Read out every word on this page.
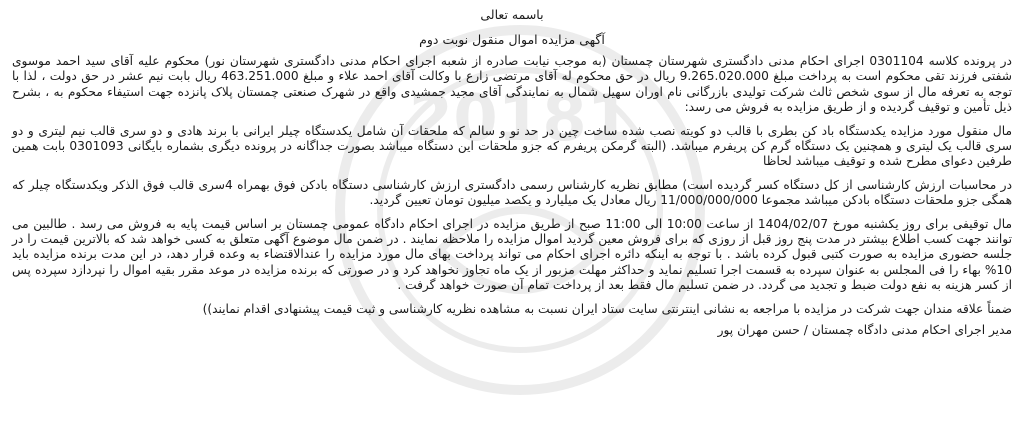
20181

باسمه تعالی

آگهی مزایده اموال منقول نوبت دوم

در پرونده کلاسه 0301104 اجرای احکام مدنی دادگستری شهرستان چمستان (به موجب نیابت صادره از شعبه اجرای احکام مدنی دادگستری شهرستان نور) محکوم علیه آقای سید احمد موسوی شفتی فرزند تقی محکوم است به پرداخت مبلغ 9.265.020.000 ریال در حق محکوم له آقای مرتضی زارع با وکالت آقای احمد علاء و مبلغ 463.251.000 ریال بابت نیم عشر در حق دولت ، لذا با توجه به تعرفه مال از سوی شخص ثالث شرکت تولیدی بازرگانی نام اوران سهیل شمال به نمایندگی آقای مجید جمشیدی واقع در شهرک صنعتی چمستان پلاک پانزده جهت استیفاء محکوم به ، بشرح ذیل تأمین و توقیف گردیده و از طریق مزایده به فروش می رسد:

مال منقول مورد مزایده یکدستگاه باد کن بطری با قالب دو کویته نصب شده ساخت چین در حد نو و سالم که ملحقات آن شامل یکدستگاه چیلر ایرانی با برند هادی و دو سری قالب نیم لیتری و دو سری قالب یک لیتری و همچنین یک دستگاه گرم کن پریفرم میباشد. (البته گرمکن پریفرم که جزو ملحقات این دستگاه میباشد بصورت جداگانه در پرونده دیگری بشماره بایگانی 0301093 بابت همین طرفین دعوای مطرح شده و توقیف میباشد لحاظا

در محاسبات ارزش کارشناسی از کل دستگاه کسر گردیده است) مطابق نظریه کارشناس رسمی دادگستری ارزش کارشناسی دستگاه بادکن فوق بهمراه 4سری قالب فوق الذکر ویکدستگاه چیلر که همگی جزو ملحقات دستگاه بادکن میباشد مجموعا 11/000/000/000 ریال معادل یک میلیارد و یکصد میلیون تومان تعیین گردید.

مال توقیفی برای روز یکشنبه مورخ 1404/02/07 از ساعت 10:00 الی 11:00 صبح از طریق مزایده در اجرای احکام دادگاه عمومی چمستان بر اساس قیمت پایه به فروش می رسد . طالبین می توانند جهت کسب اطلاع بیشتر در مدت پنج روز قبل از روزی که برای فروش معین گردید اموال مزایده را ملاحظه نمایند . در ضمن مال موضوع آگهی متعلق به کسی خواهد شد که بالاترین قیمت را در جلسه حضوری مزایده به صورت کتبی قبول کرده باشد . با توجه به اینکه دائره اجرای احکام می تواند پرداخت بهای مال مورد مزایده را عندالاقتضاء به وعده قرار دهد، در این مدت برنده مزایده باید 10% بهاء را فی المجلس به عنوان سپرده به قسمت اجرا تسلیم نماید و حداکثر مهلت مزبور از یک ماه تجاوز نخواهد کرد و در صورتی که برنده مزایده در موعد مقرر بقیه اموال را نپردازد سپرده پس از کسر هزینه به نفع دولت ضبط و تجدید می گردد. در ضمن تسلیم مال فقط بعد از پرداخت تمام آن صورت خواهد گرفت .

ضمناً علاقه مندان جهت شرکت در مزایده با مراجعه به نشانی اینترنتی سایت ستاد ایران نسبت به مشاهده نظریه کارشناسی و ثبت قیمت پیشنهادی اقدام نمایند))

مدیر اجرای احکام مدنی دادگاه چمستان / حسن مهران پور
